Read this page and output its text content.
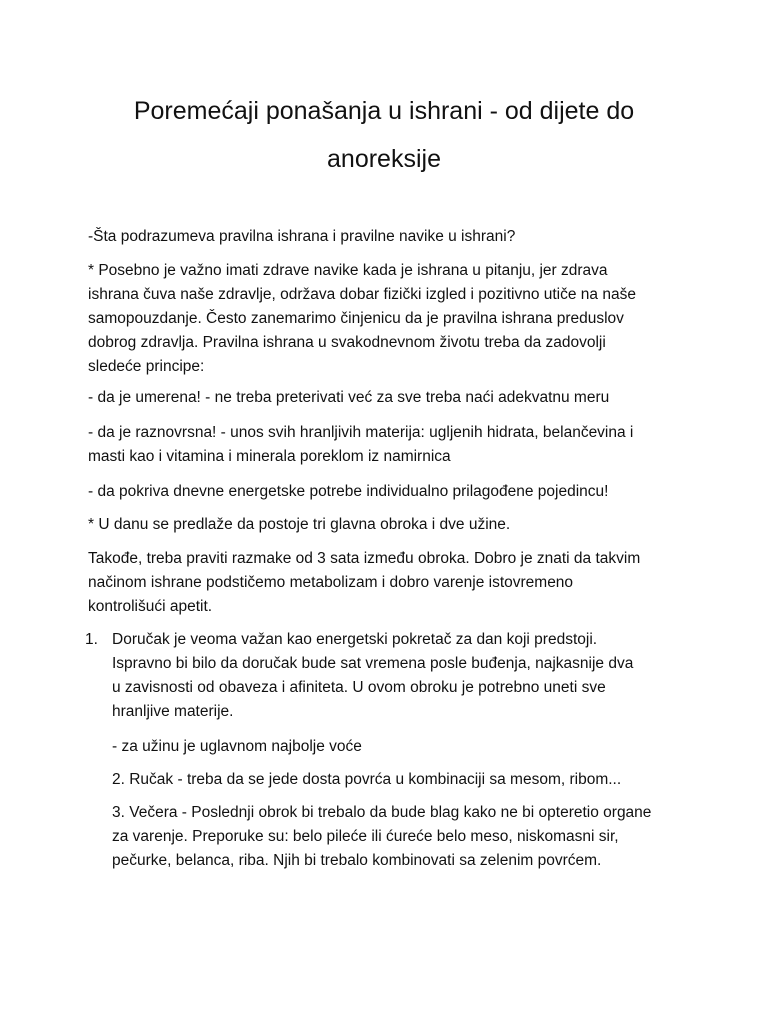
Poremećaji ponašanja u ishrani - od dijete do
anoreksije

-Šta podrazumeva pravilna ishrana i pravilne navike u ishrani?

* Posebno je važno imati zdrave navike kada je ishrana u pitanju, jer zdrava
ishrana čuva naše zdravlje, održava dobar fizički izgled i pozitivno utiče na naše
samopouzdanje. Često zanemarimo činjenicu da je pravilna ishrana preduslov
dobrog zdravlja. Pravilna ishrana u svakodnevnom životu treba da zadovolji
sledeće principe:

- da je umerena! - ne treba preterivati već za sve treba naći adekvatnu meru

- da je raznovrsna! - unos svih hranljivih materija: ugljenih hidrata, belančevina i
masti kao i vitamina i minerala poreklom iz namirnica

- da pokriva dnevne energetske potrebe individualno prilagođene pojedincu!

* U danu se predlaže da postoje tri glavna obroka i dve užine.

Takođe, treba praviti razmake od 3 sata između obroka. Dobro je znati da takvim
načinom ishrane podstičemo metabolizam i dobro varenje istovremeno
kontrolišući apetit.

1. Doručak je veoma važan kao energetski pokretač za dan koji predstoji.
Ispravno bi bilo da doručak bude sat vremena posle buđenja, najkasnije dva
u zavisnosti od obaveza i afiniteta. U ovom obroku je potrebno uneti sve
hranljive materije.

- za užinu je uglavnom najbolje voće

2. Ručak - treba da se jede dosta povrća u kombinaciji sa mesom, ribom...

3. Večera - Poslednji obrok bi trebalo da bude blag kako ne bi opteretio organe
za varenje. Preporuke su: belo pileće ili ćureće belo meso, niskomasni sir,
pečurke, belanca, riba. Njih bi trebalo kombinovati sa zelenim povrćem.
